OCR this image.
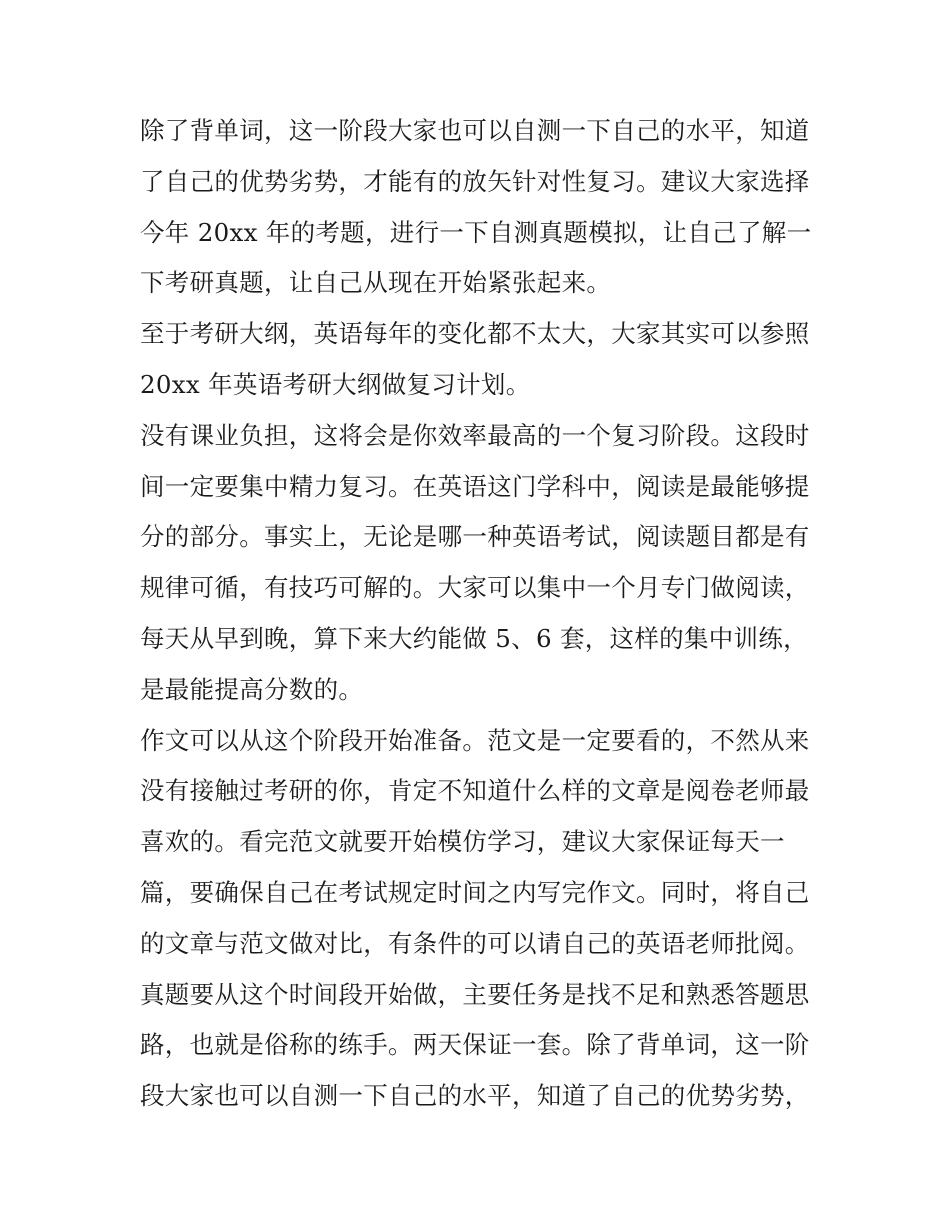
除了背单词，这一阶段大家也可以自测一下自己的水平，知道
了自己的优势劣势，才能有的放矢针对性复习。建议大家选择
今年 20xx 年的考题，进行一下自测真题模拟，让自己了解一
下考研真题，让自己从现在开始紧张起来。
至于考研大纲，英语每年的变化都不太大，大家其实可以参照
20xx 年英语考研大纲做复习计划。
没有课业负担，这将会是你效率最高的一个复习阶段。这段时
间一定要集中精力复习。在英语这门学科中，阅读是最能够提
分的部分。事实上，无论是哪一种英语考试，阅读题目都是有
规律可循，有技巧可解的。大家可以集中一个月专门做阅读，
每天从早到晚，算下来大约能做 5、6 套，这样的集中训练，
是最能提高分数的。
作文可以从这个阶段开始准备。范文是一定要看的，不然从来
没有接触过考研的你，肯定不知道什么样的文章是阅卷老师最
喜欢的。看完范文就要开始模仿学习，建议大家保证每天一
篇，要确保自己在考试规定时间之内写完作文。同时，将自己
的文章与范文做对比，有条件的可以请自己的英语老师批阅。
真题要从这个时间段开始做，主要任务是找不足和熟悉答题思
路，也就是俗称的练手。两天保证一套。除了背单词，这一阶
段大家也可以自测一下自己的水平，知道了自己的优势劣势，
